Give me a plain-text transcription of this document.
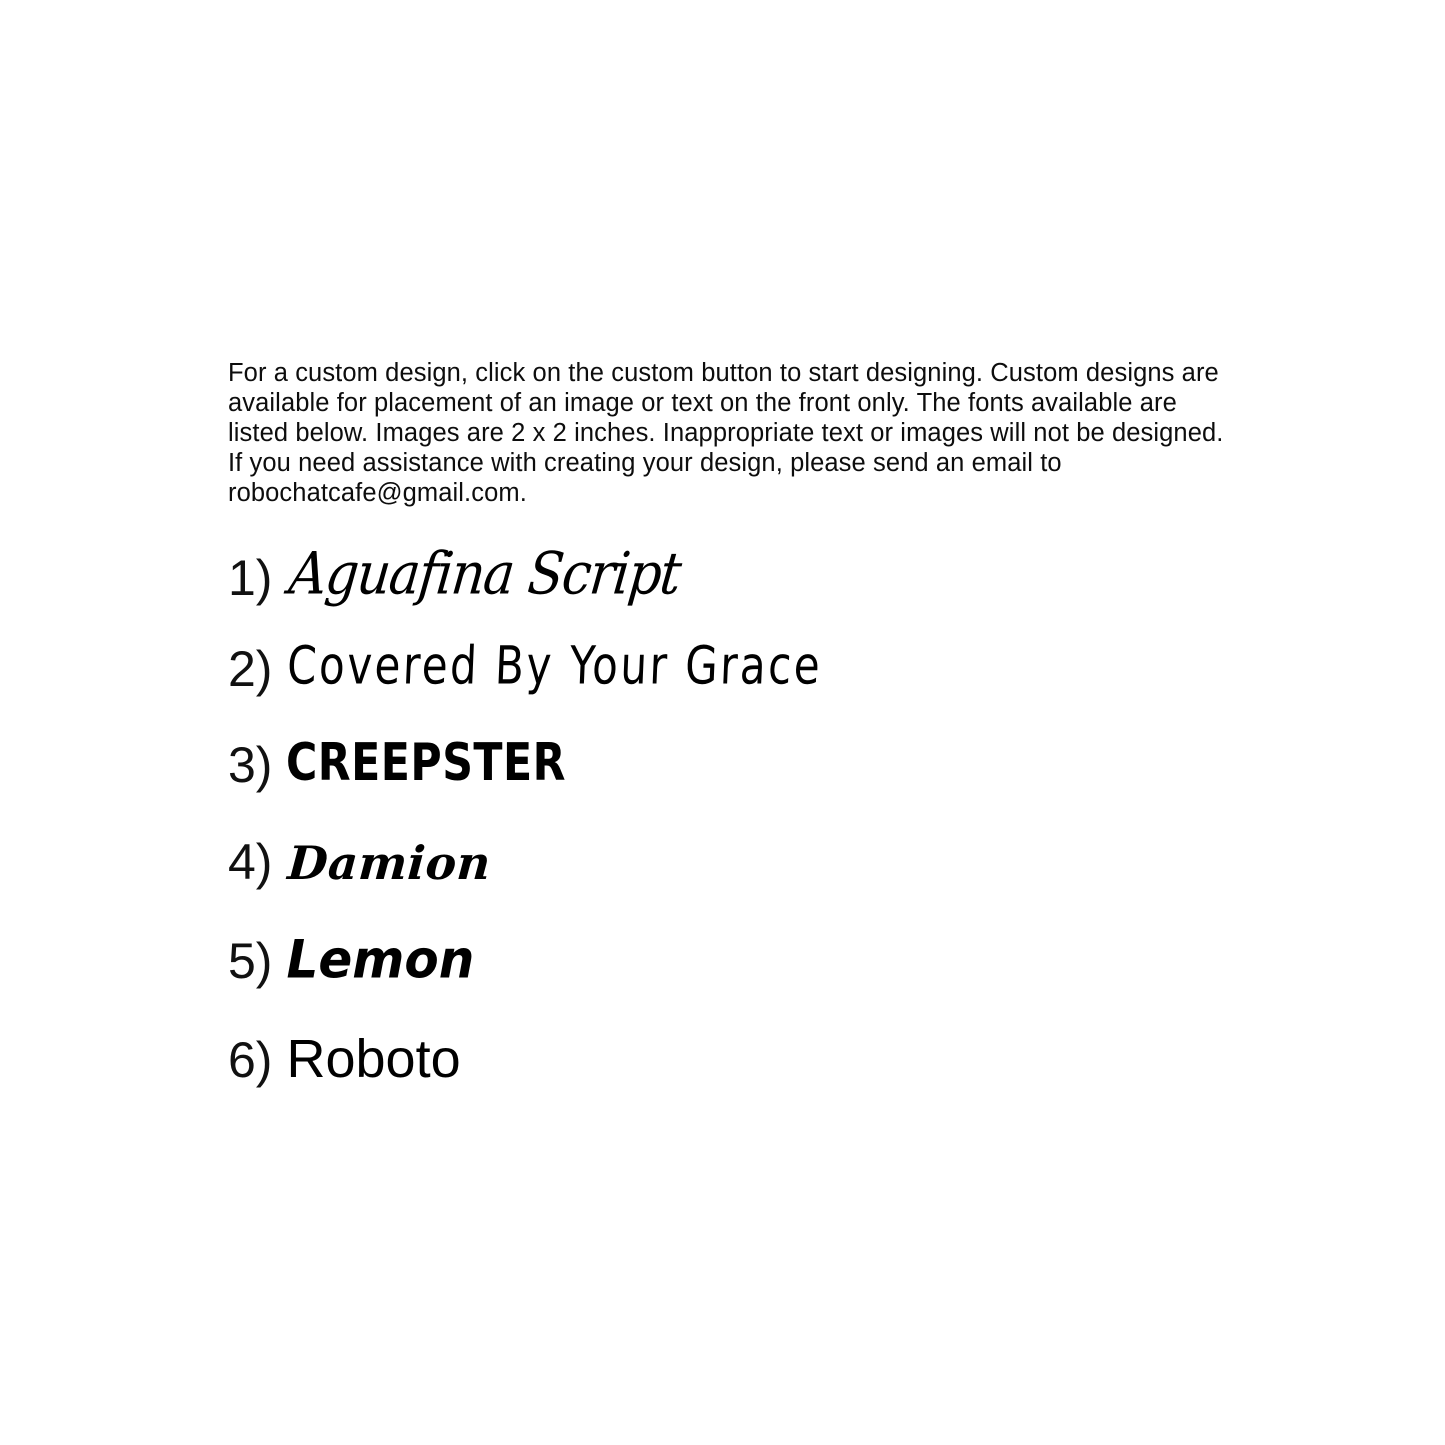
For a custom design, click on the custom button to start designing. Custom designs are available for placement of an image or text on the front only. The fonts available are listed below. Images are 2 x 2 inches. Inappropriate text or images will not be designed. If you need assistance with creating your design, please send an email to robochatcafe@gmail.com.

1) Aguafina Script
2) Covered By Your Grace
3) CREEPSTER
4) Damion
5) Lemon
6) Roboto
